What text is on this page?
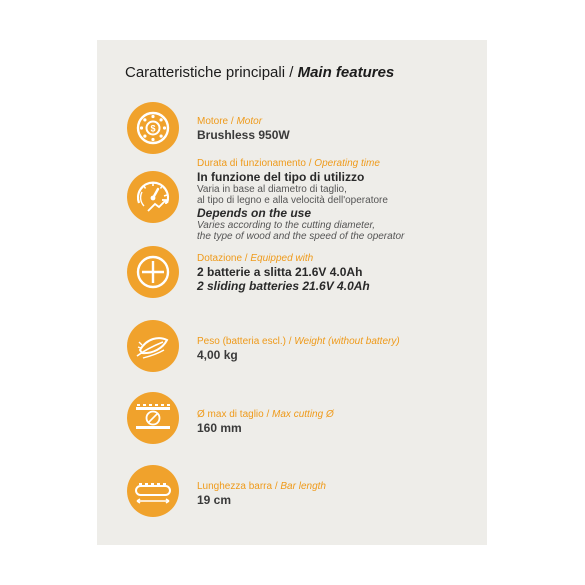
Caratteristiche principali / Main features
$
Motore / Motor
Brushless 950W
Durata di funzionamento / Operating time
In funzione del tipo di utilizzo
Varia in base al diametro di taglio,
al tipo di legno e alla velocità dell'operatore
Depends on the use
Varies according to the cutting diameter,
the type of wood and the speed of the operator
Dotazione / Equipped with
2 batterie a slitta 21.6V 4.0Ah
2 sliding batteries 21.6V 4.0Ah
Peso (batteria escl.) / Weight (without battery)
4,00 kg
Ø max di taglio / Max cutting Ø
160 mm
Lunghezza barra / Bar length
19 cm
